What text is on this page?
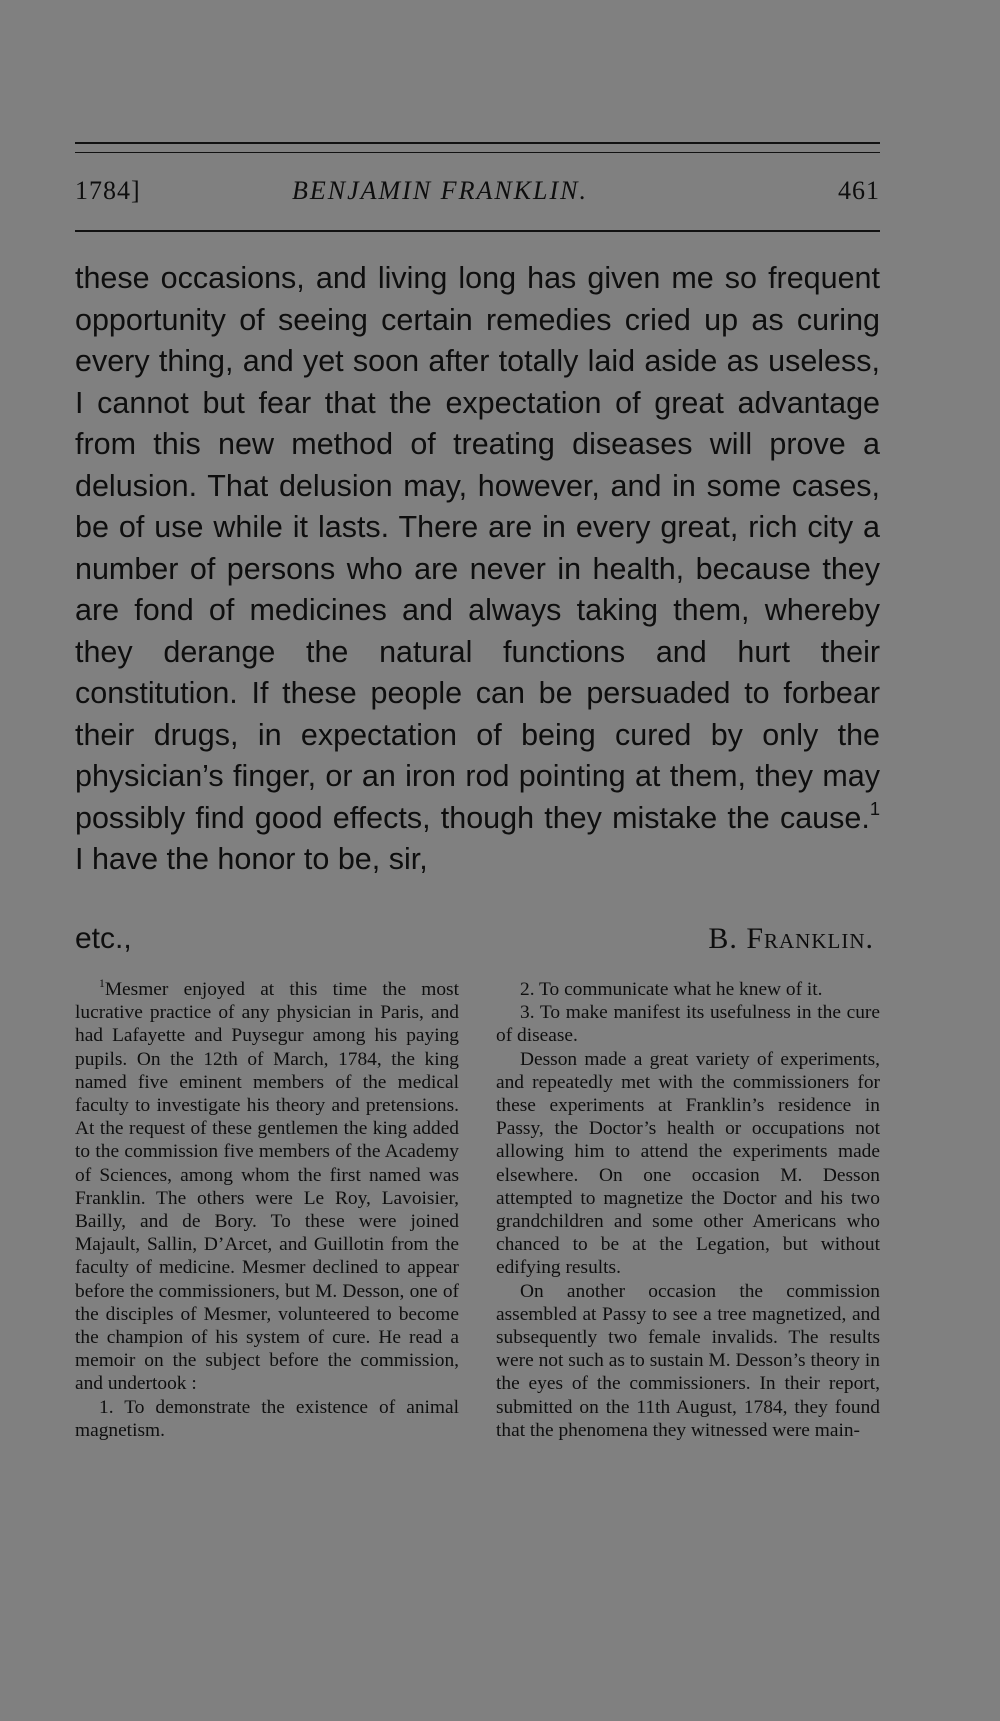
1784]	BENJAMIN FRANKLIN.	461

these occasions, and living long has given me so frequent opportunity of seeing certain remedies cried up as curing every thing, and yet soon after totally laid aside as useless, I cannot but fear that the expectation of great advantage from this new method of treating diseases will prove a delusion. That delusion may, however, and in some cases, be of use while it lasts. There are in every great, rich city a number of persons who are never in health, because they are fond of medicines and always taking them, whereby they derange the natural functions and hurt their constitution. If these people can be persuaded to forbear their drugs, in expectation of being cured by only the physician’s finger, or an iron rod pointing at them, they may possibly find good effects, though they mistake the cause.$^1$ I have the honor to be, sir,

etc.,	B. Franklin.

$^1$Mesmer enjoyed at this time the most lucrative practice of any physician in Paris, and had Lafayette and Puysegur among his paying pupils. On the 12th of March, 1784, the king named five eminent members of the medical faculty to investigate his theory and pretensions. At the request of these gentlemen the king added to the commission five members of the Academy of Sciences, among whom the first named was Franklin. The others were Le Roy, Lavoisier, Bailly, and de Bory. To these were joined Majault, Sallin, D’Arcet, and Guillotin from the faculty of medicine. Mesmer declined to appear before the commissioners, but M. Desson, one of the disciples of Mesmer, volunteered to become the champion of his system of cure. He read a memoir on the subject before the commission, and undertook :

1. To demonstrate the existence of animal magnetism.

2. To communicate what he knew of it.

3. To make manifest its usefulness in the cure of disease.

Desson made a great variety of experiments, and repeatedly met with the commissioners for these experiments at Franklin’s residence in Passy, the Doctor’s health or occupations not allowing him to attend the experiments made elsewhere. On one occasion M. Desson attempted to magnetize the Doctor and his two grandchildren and some other Americans who chanced to be at the Legation, but without edifying results.

On another occasion the commission assembled at Passy to see a tree magnetized, and subsequently two female invalids. The results were not such as to sustain M. Desson’s theory in the eyes of the commissioners. In their report, submitted on the 11th August, 1784, they found that the phenomena they witnessed were main-
